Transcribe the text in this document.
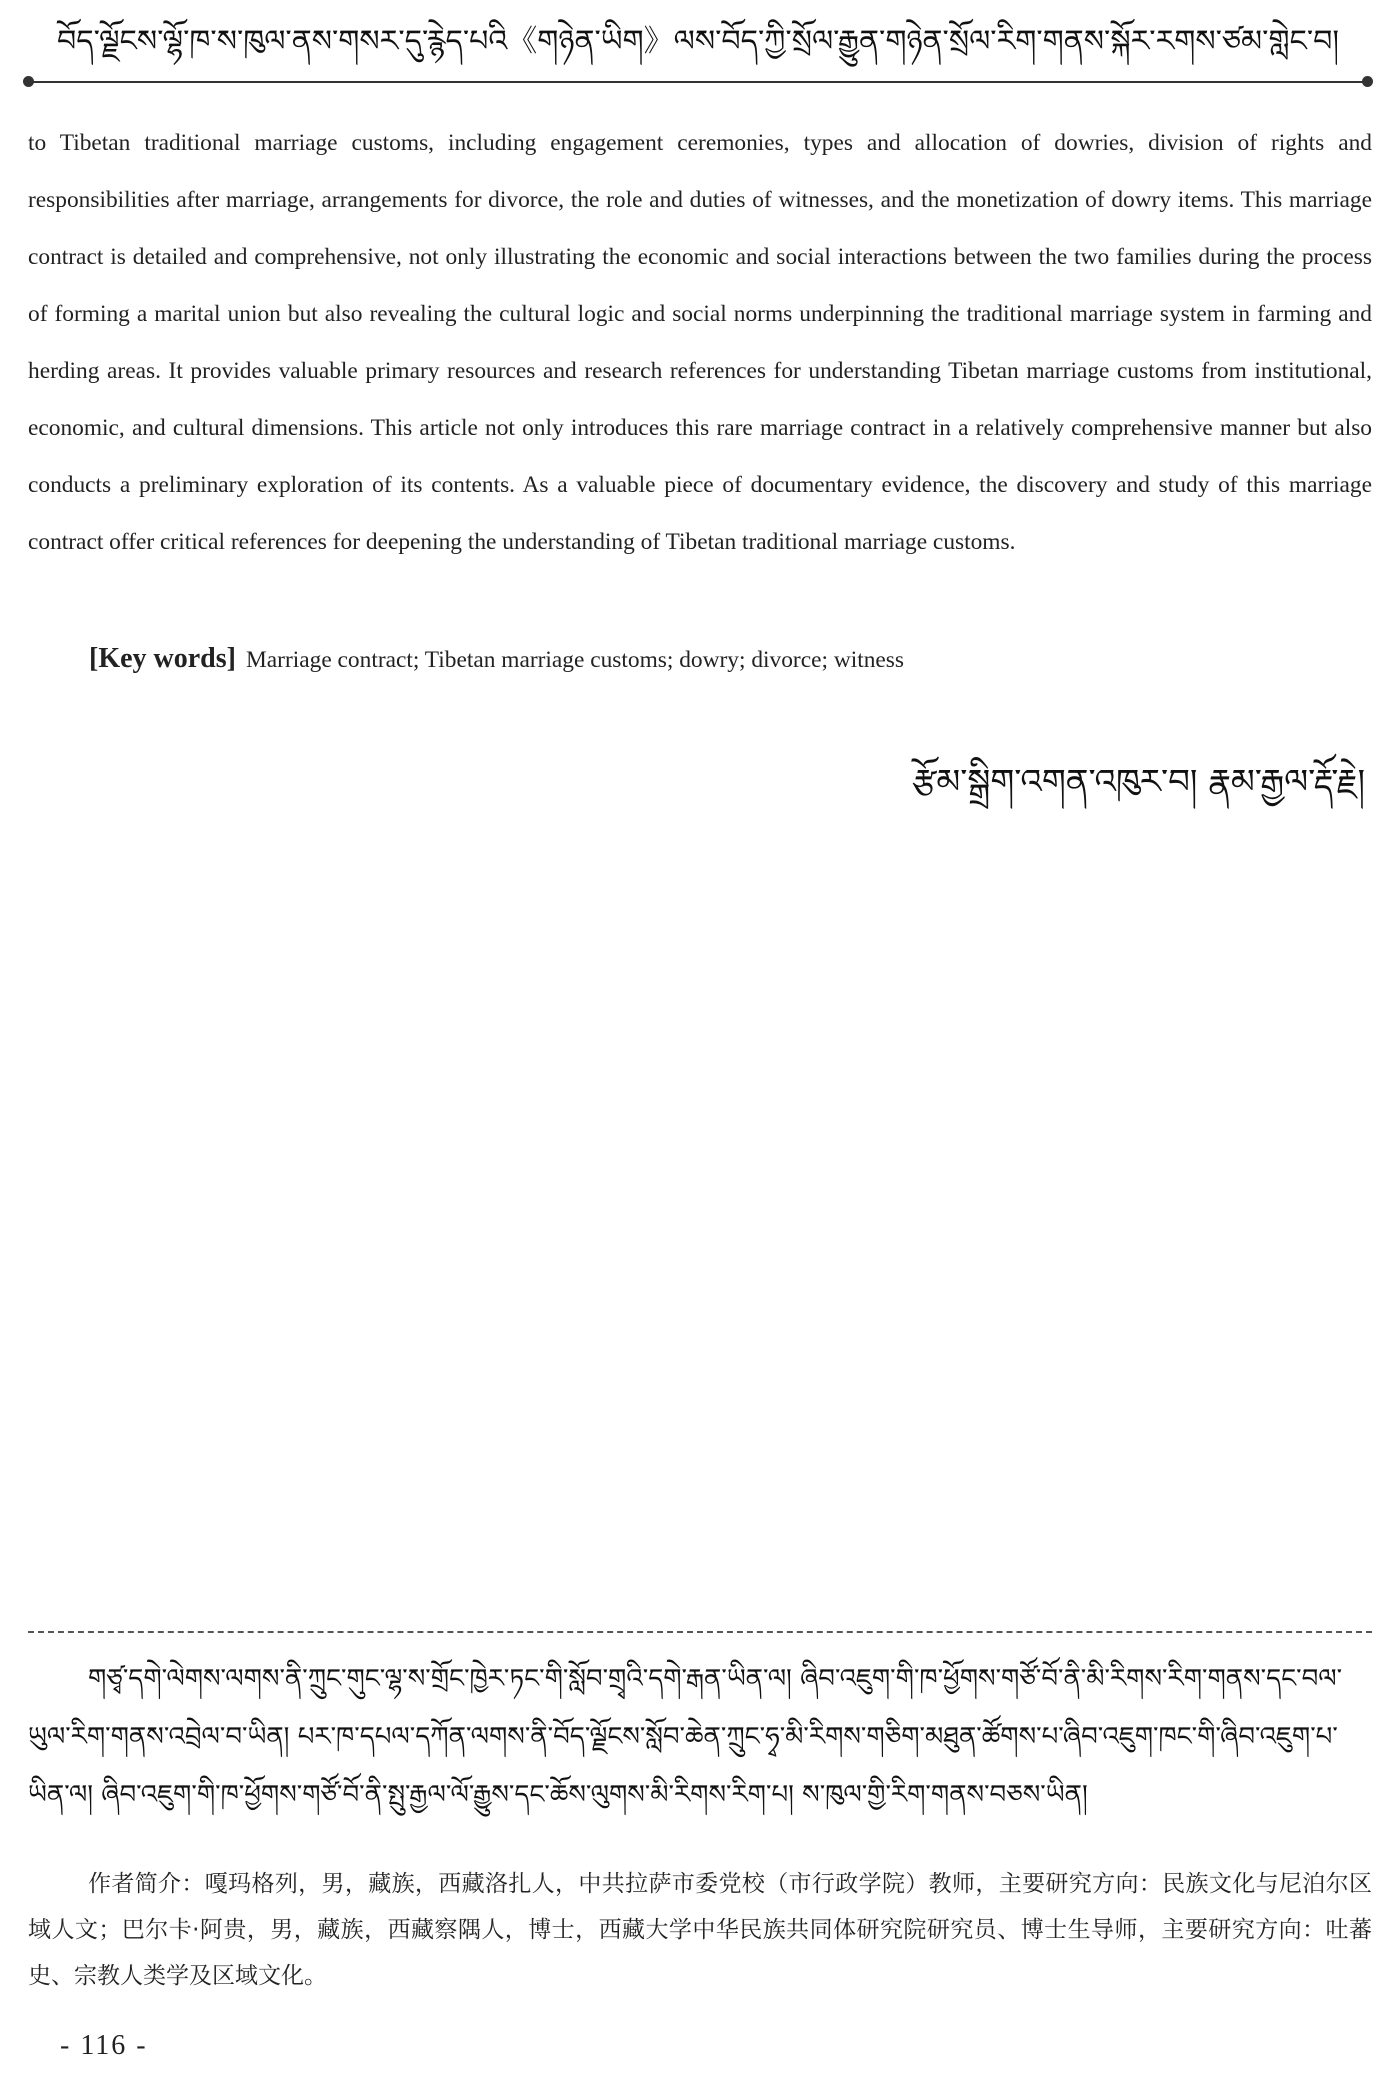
བོད་ལྗོངས་ལྷོ་ཁ་ས་ཁུལ་ནས་གསར་དུ་རྙེད་པའི《གཉེན་ཡིག》ལས་བོད་ཀྱི་སྲོལ་རྒྱུན་གཉེན་སྲོལ་རིག་གནས་སྐོར་རགས་ཙམ་གླེང་བ།

to Tibetan traditional marriage customs, including engagement ceremonies, types and allocation of dowries, division of rights and responsibilities after marriage, arrangements for divorce, the role and duties of witnesses, and the monetization of dowry items. This marriage contract is detailed and comprehensive, not only illustrating the economic and social interactions between the two families during the process of forming a marital union but also revealing the cultural logic and social norms underpinning the traditional marriage system in farming and herding areas. It provides valuable primary resources and research references for understanding Tibetan marriage customs from institutional, economic, and cultural dimensions. This article not only introduces this rare marriage contract in a relatively comprehensive manner but also conducts a preliminary exploration of its contents. As a valuable piece of documentary evidence, the discovery and study of this marriage contract offer critical references for deepening the understanding of Tibetan traditional marriage customs.

[Key words] Marriage contract; Tibetan marriage customs; dowry; divorce; witness
རྩོམ་སྒྲིག་འགན་འཁུར་བ། རྣམ་རྒྱལ་རྡོ་རྗེ།

གཙྭ་དགེ་ལེགས་ལགས་ནི་ཀྲུང་གུང་ལྷ་ས་གྲོང་ཁྱེར་ཏང་གི་སློབ་གྲྭའི་དགེ་རྒན་ཡིན་ལ། ཞིབ་འཇུག་གི་ཁ་ཕྱོགས་གཙོ་བོ་ནི་མི་རིགས་རིག་གནས་དང་བལ་ཡུལ་རིག་གནས་འབྲེལ་བ་ཡིན། པར་ཁ་དཔལ་དཀོན་ལགས་ནི་བོད་ལྗོངས་སློབ་ཆེན་ཀྲུང་ཧྭ་མི་རིགས་གཅིག་མཐུན་ཚོགས་པ་ཞིབ་འཇུག་ཁང་གི་ཞིབ་འཇུག་པ་ཡིན་ལ། ཞིབ་འཇུག་གི་ཁ་ཕྱོགས་གཙོ་བོ་ནི་སྤུ་རྒྱལ་ལོ་རྒྱུས་དང་ཆོས་ལུགས་མི་རིགས་རིག་པ། ས་ཁུལ་གྱི་རིག་གནས་བཅས་ཡིན།

作者简介：嘎玛格列，男，藏族，西藏洛扎人，中共拉萨市委党校（市行政学院）教师，主要研究方向：民族文化与尼泊尔区域人文；巴尔卡·阿贵，男，藏族，西藏察隅人，博士，西藏大学中华民族共同体研究院研究员、博士生导师，主要研究方向：吐蕃史、宗教人类学及区域文化。

- 116 -
